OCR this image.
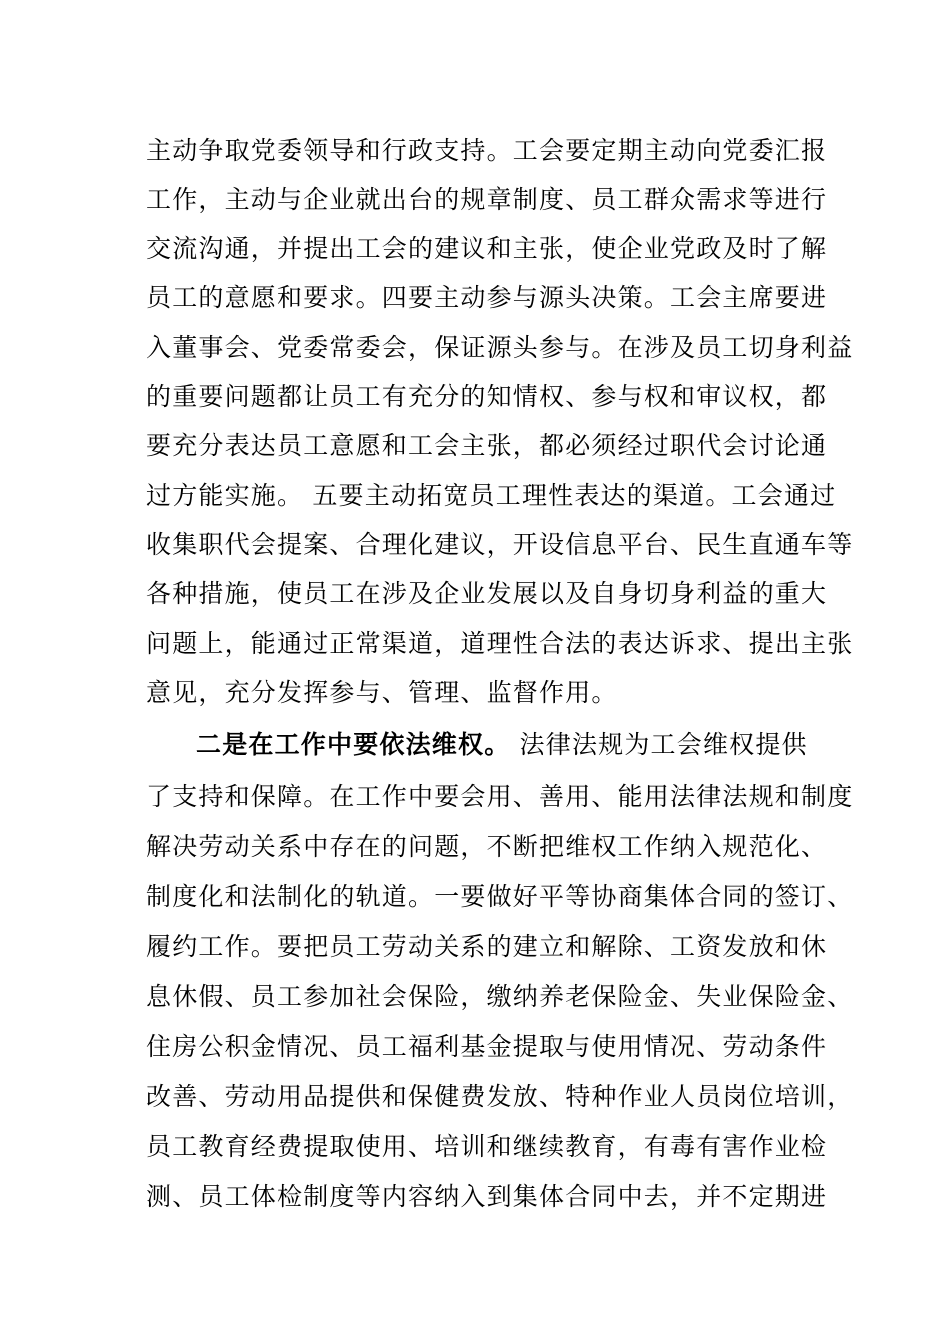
主动争取党委领导和行政支持。工会要定期主动向党委汇报
工作，主动与企业就出台的规章制度、员工群众需求等进行
交流沟通，并提出工会的建议和主张，使企业党政及时了解
员工的意愿和要求。四要主动参与源头决策。工会主席要进
入董事会、党委常委会，保证源头参与。在涉及员工切身利益
的重要问题都让员工有充分的知情权、参与权和审议权，都
要充分表达员工意愿和工会主张，都必须经过职代会讨论通
过方能实施。 五要主动拓宽员工理性表达的渠道。工会通过
收集职代会提案、合理化建议，开设信息平台、民生直通车等
各种措施，使员工在涉及企业发展以及自身切身利益的重大
问题上，能通过正常渠道，道理性合法的表达诉求、提出主张
意见，充分发挥参与、管理、监督作用。
二是在工作中要依法维权。 法律法规为工会维权提供
了支持和保障。在工作中要会用、善用、能用法律法规和制度
解决劳动关系中存在的问题，不断把维权工作纳入规范化、
制度化和法制化的轨道。一要做好平等协商集体合同的签订、
履约工作。要把员工劳动关系的建立和解除、工资发放和休
息休假、员工参加社会保险，缴纳养老保险金、失业保险金、
住房公积金情况、员工福利基金提取与使用情况、劳动条件
改善、劳动用品提供和保健费发放、特种作业人员岗位培训，
员工教育经费提取使用、培训和继续教育，有毒有害作业检
测、员工体检制度等内容纳入到集体合同中去，并不定期进
